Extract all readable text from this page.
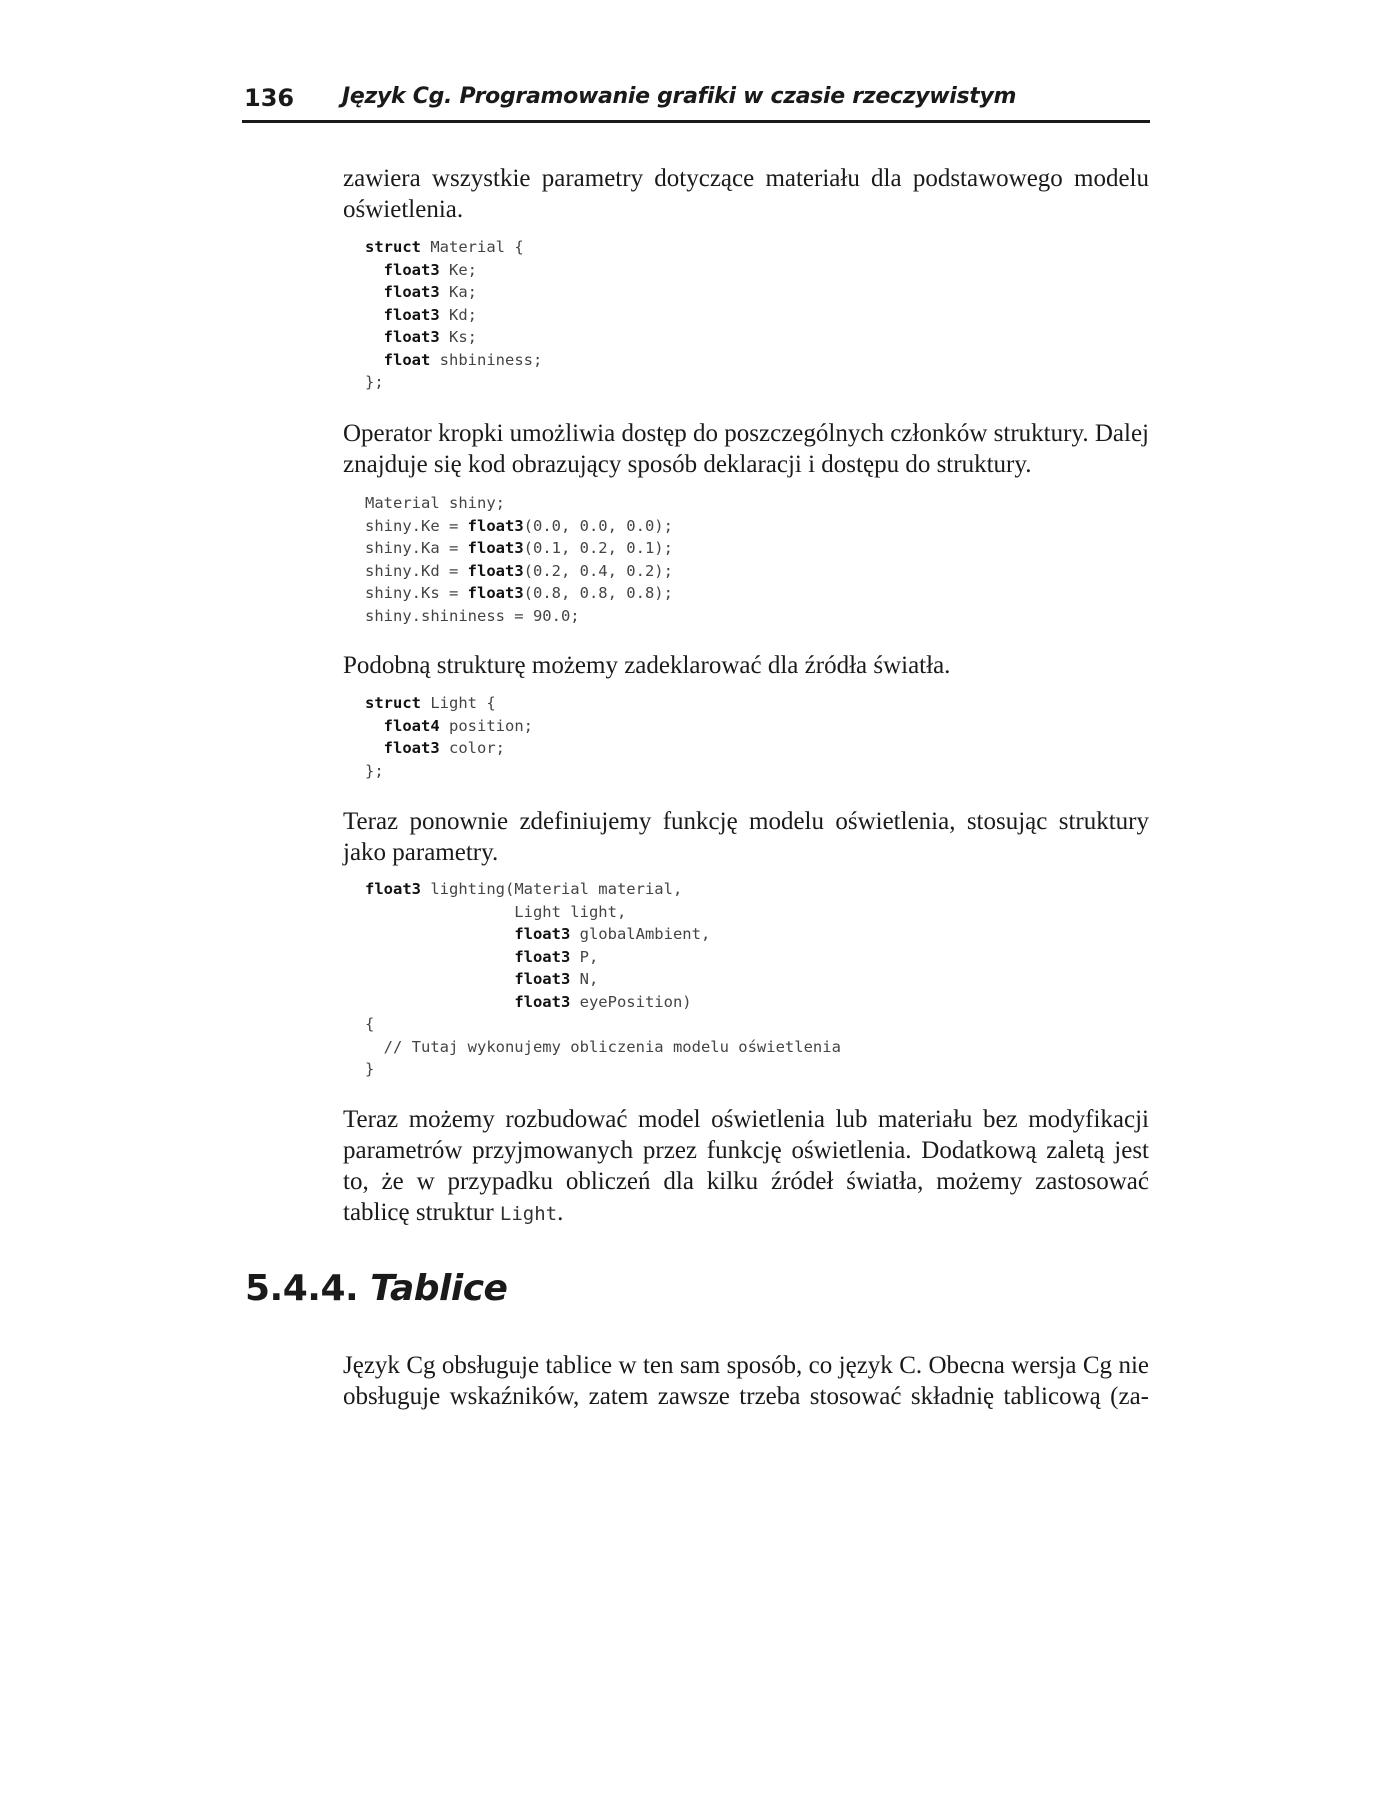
136 Język Cg. Programowanie grafiki w czasie rzeczywistym

zawiera wszystkie parametry dotyczące materiału dla podstawowego modelu oświetlenia.

struct Material {
float3 Ke;
float3 Ka;
float3 Kd;
float3 Ks;
float shbininess;
};

Operator kropki umożliwia dostęp do poszczególnych członków struktury. Dalej znajduje się kod obrazujący sposób deklaracji i dostępu do struktury.

Material shiny;
shiny.Ke = float3(0.0, 0.0, 0.0);
shiny.Ka = float3(0.1, 0.2, 0.1);
shiny.Kd = float3(0.2, 0.4, 0.2);
shiny.Ks = float3(0.8, 0.8, 0.8);
shiny.shininess = 90.0;

Podobną strukturę możemy zadeklarować dla źródła światła.

struct Light {
float4 position;
float3 color;
};

Teraz ponownie zdefiniujemy funkcję modelu oświetlenia, stosując struktury jako parametry.

float3 lighting(Material material,
Light light,
float3 globalAmbient,
float3 P,
float3 N,
float3 eyePosition)
{
// Tutaj wykonujemy obliczenia modelu oświetlenia
}

Teraz możemy rozbudować model oświetlenia lub materiału bez modyfikacji parametrów przyjmowanych przez funkcję oświetlenia. Dodatkową zaletą jest to, że w przypadku obliczeń dla kilku źródeł światła, możemy zastosować tablicę struktur Light.

5.4.4. Tablice

Język Cg obsługuje tablice w ten sam sposób, co język C. Obecna wersja Cg nie obsługuje wskaźników, zatem zawsze trzeba stosować składnię tablicową (za-
